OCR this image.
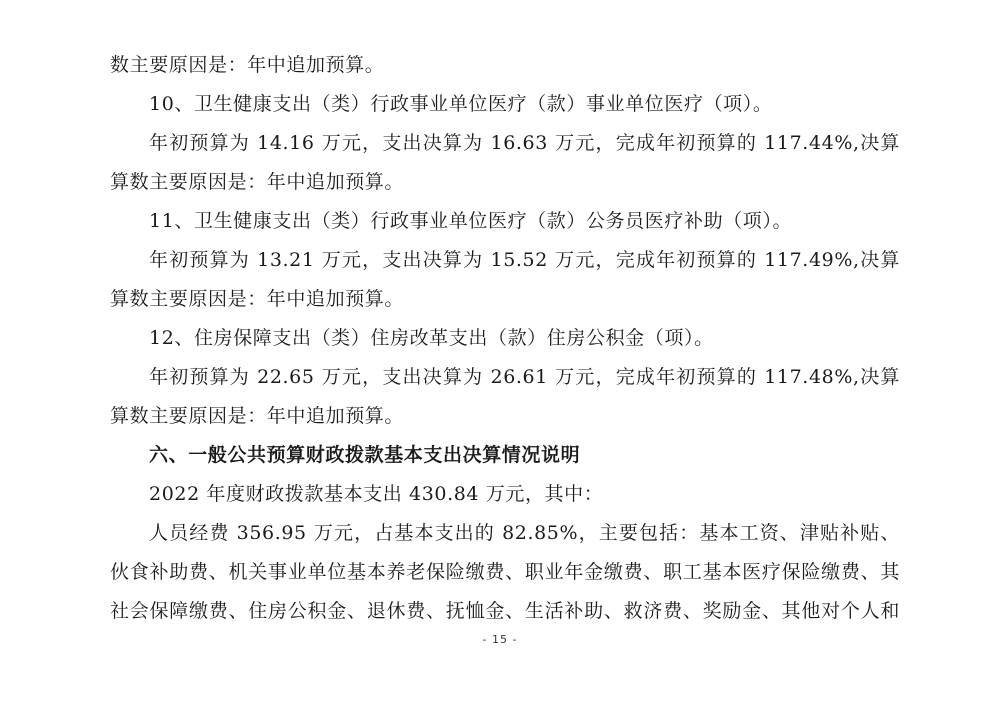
数主要原因是：年中追加预算。
10、卫生健康支出（类）行政事业单位医疗（款）事业单位医疗（项）。
年初预算为 14.16 万元，支出决算为 16.63 万元，完成年初预算的 117.44%,决算
算数主要原因是：年中追加预算。
11、卫生健康支出（类）行政事业单位医疗（款）公务员医疗补助（项）。
年初预算为 13.21 万元，支出决算为 15.52 万元，完成年初预算的 117.49%,决算
算数主要原因是：年中追加预算。
12、住房保障支出（类）住房改革支出（款）住房公积金（项）。
年初预算为 22.65 万元，支出决算为 26.61 万元，完成年初预算的 117.48%,决算
算数主要原因是：年中追加预算。
六、一般公共预算财政拨款基本支出决算情况说明
2022 年度财政拨款基本支出 430.84 万元，其中：
人员经费 356.95 万元，占基本支出的 82.85%，主要包括：基本工资、津贴补贴、
伙食补助费、机关事业单位基本养老保险缴费、职业年金缴费、职工基本医疗保险缴费、其
社会保障缴费、住房公积金、退休费、抚恤金、生活补助、救济费、奖励金、其他对个人和
- 15 -
